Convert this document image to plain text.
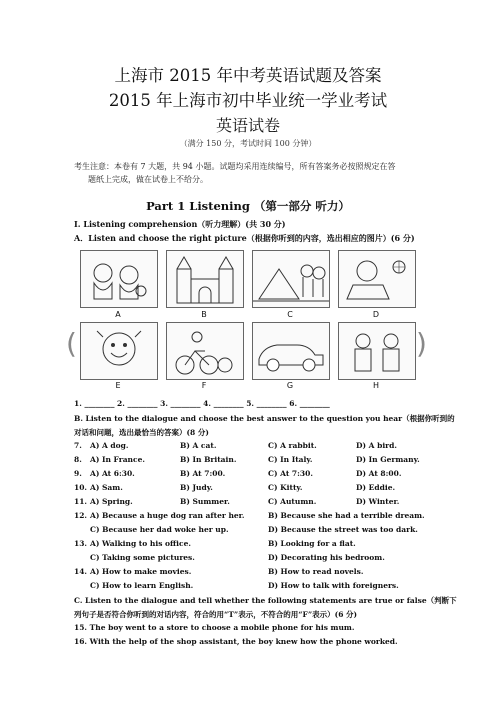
上海市 2015 年中考英语试题及答案
2015 年上海市初中毕业统一学业考试
英语试卷
（满分 150 分，考试时间 100 分钟）
考生注意：本卷有 7 大题，共 94 小题。试题均采用连续编号，所有答案务必按照规定在答
题纸上完成，做在试卷上不给分。
Part 1 Listening （第一部分 听力）
I. Listening comprehension（听力理解）(共 30 分)
A．Listen and choose the right picture（根据你听到的内容，选出相应的图片）(6 分)
A	B	C	D
(	)
E	F	G	H
1. ________ 2. ________ 3. ________ 4. ________ 5. ________ 6. ________
B. Listen to the dialogue and choose the best answer to the question you hear（根据你听到的
对话和问题，选出最恰当的答案）(8 分)
7. A) A dog.	B) A cat.	C) A rabbit.	D) A bird.
8. A) In France.	B) In Britain.	C) In Italy.	D) In Germany.
9. A) At 6:30.	B) At 7:00.	C) At 7:30.	D) At 8:00.
10. A) Sam.	B) Judy.	C) Kitty.	D) Eddie.
11. A) Spring.	B) Summer.	C) Autumn.	D) Winter.
12. A) Because a huge dog ran after her.	B) Because she had a terrible dream.
C) Because her dad woke her up.	D) Because the street was too dark.
13. A) Walking to his office.	B) Looking for a flat.
C) Taking some pictures.	D) Decorating his bedroom.
14. A) How to make movies.	B) How to read novels.
C) How to learn English.	D) How to talk with foreigners.
C. Listen to the dialogue and tell whether the following statements are true or false（判断下
列句子是否符合你听到的对话内容，符合的用“T”表示，不符合的用“F”表示）(6 分)
15. The boy went to a store to choose a mobile phone for his mum.
16. With the help of the shop assistant, the boy knew how the phone worked.
